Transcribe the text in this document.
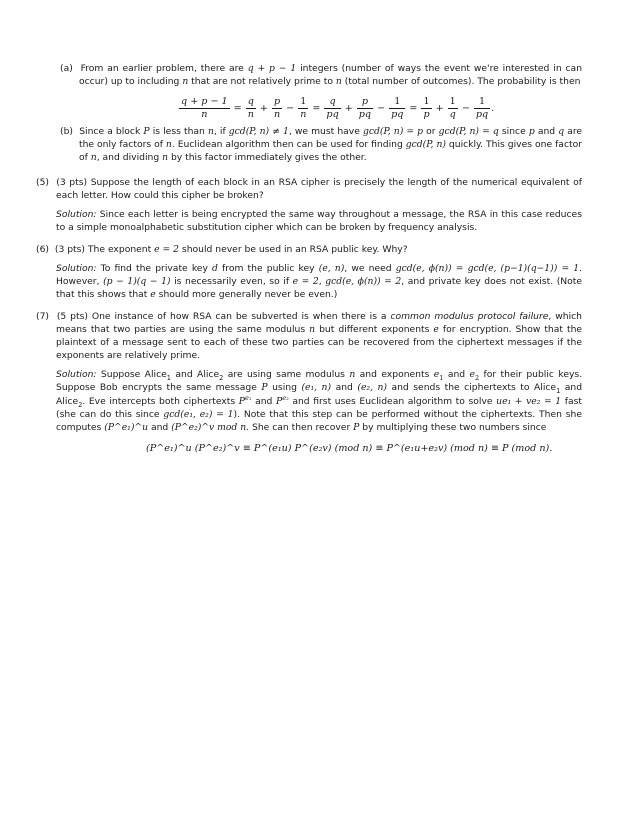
(a) From an earlier problem, there are q + p − 1 integers (number of ways the event we're interested in can occur) up to including n that are not relatively prime to n (total number of outcomes). The probability is then

$\frac{q + p - 1}{n} = \frac{q}{n} + \frac{p}{n} - \frac{1}{n} = \frac{q}{pq} + \frac{p}{pq} - \frac{1}{pq} = \frac{1}{p} + \frac{1}{q} - \frac{1}{pq}$ .

(b) Since a block P is less than n, if gcd(P, n) ≠ 1, we must have gcd(P, n) = p or gcd(P, n) = q since p and q are the only factors of n. Euclidean algorithm then can be used for finding gcd(P, n) quickly. This gives one factor of n, and dividing n by this factor immediately gives the other.

(5) (3 pts) Suppose the length of each block in an RSA cipher is precisely the length of the numerical equivalent of each letter. How could this cipher be broken?

Solution: Since each letter is being encrypted the same way throughout a message, the RSA in this case reduces to a simple monoalphabetic substitution cipher which can be broken by frequency analysis.

(6) (3 pts) The exponent e = 2 should never be used in an RSA public key. Why?

Solution: To find the private key d from the public key (e, n), we need gcd(e, ϕ(n)) = gcd(e, (p−1)(q−1)) = 1. However, (p − 1)(q − 1) is necessarily even, so if e = 2, gcd(e, ϕ(n)) = 2, and private key does not exist. (Note that this shows that e should more generally never be even.)

(7) (5 pts) One instance of how RSA can be subverted is when there is a common modulus protocol failure, which means that two parties are using the same modulus n but different exponents e for encryption. Show that the plaintext of a message sent to each of these two parties can be recovered from the ciphertext messages if the exponents are relatively prime.

Solution: Suppose Alice$_1$ and Alice$_2$ are using same modulus n and exponents $e_1$ and $e_2$ for their public keys. Suppose Bob encrypts the same message P using (e₁, n) and (e₂, n) and sends the ciphertexts to Alice$_1$ and Alice$_2$. Eve intercepts both ciphertexts $P^{e_1}$ and $P^{e_2}$ and first uses Euclidean algorithm to solve ue₁ + ve₂ = 1 fast (she can do this since gcd(e₁, e₂) = 1). Note that this step can be performed without the ciphertexts. Then she computes (P^e₁)^u and (P^e₂)^v mod n. She can then recover P by multiplying these two numbers since

(P^e₁)^u (P^e₂)^v ≡ P^(e₁u) P^(e₂v) (mod n) ≡ P^(e₁u+e₂v) (mod n) ≡ P (mod n).
